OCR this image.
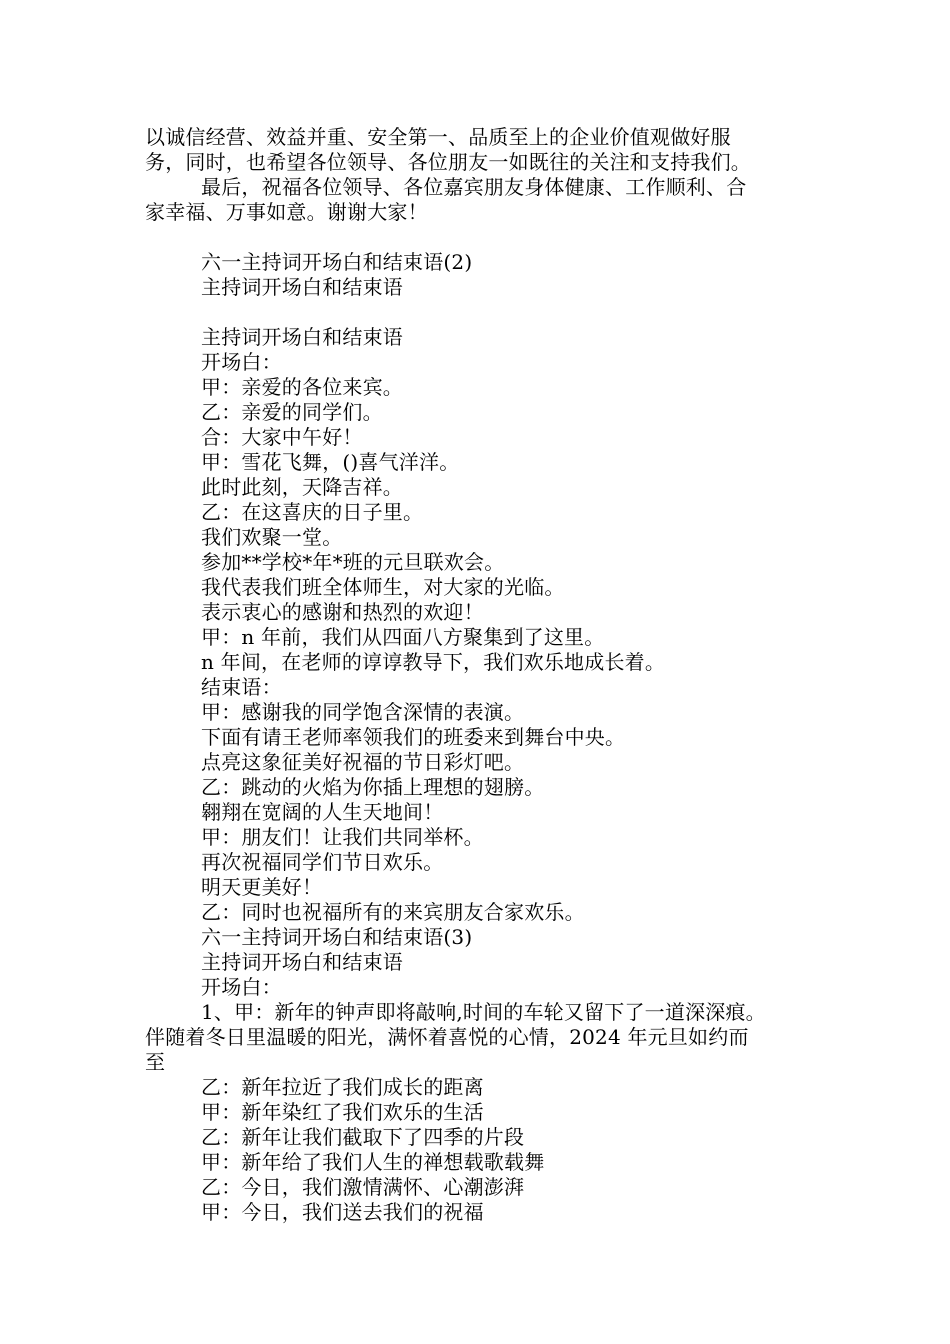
以诚信经营、效益并重、安全第一、品质至上的企业价值观做好服

务，同时，也希望各位领导、各位朋友一如既往的关注和支持我们。

最后，祝福各位领导、各位嘉宾朋友身体健康、工作顺利、合

家幸福、万事如意。谢谢大家！

六一主持词开场白和结束语(2)

主持词开场白和结束语

主持词开场白和结束语

开场白：

甲：亲爱的各位来宾。

乙：亲爱的同学们。

合：大家中午好！

甲：雪花飞舞，()喜气洋洋。

此时此刻，天降吉祥。

乙：在这喜庆的日子里。

我们欢聚一堂。

参加**学校*年*班的元旦联欢会。

我代表我们班全体师生，对大家的光临。

表示衷心的感谢和热烈的欢迎！

甲：n 年前，我们从四面八方聚集到了这里。

n 年间，在老师的谆谆教导下，我们欢乐地成长着。

结束语：

甲：感谢我的同学饱含深情的表演。

下面有请王老师率领我们的班委来到舞台中央。

点亮这象征美好祝福的节日彩灯吧。

乙：跳动的火焰为你插上理想的翅膀。

翱翔在宽阔的人生天地间！

甲：朋友们！让我们共同举杯。

再次祝福同学们节日欢乐。

明天更美好！

乙：同时也祝福所有的来宾朋友合家欢乐。

六一主持词开场白和结束语(3)

主持词开场白和结束语

开场白：

1、甲：新年的钟声即将敲响,时间的车轮又留下了一道深深痕。

伴随着冬日里温暖的阳光，满怀着喜悦的心情，2024 年元旦如约而

至

乙：新年拉近了我们成长的距离

甲：新年染红了我们欢乐的生活

乙：新年让我们截取下了四季的片段

甲：新年给了我们人生的禅想载歌载舞

乙：今日，我们激情满怀、心潮澎湃

甲：今日，我们送去我们的祝福
